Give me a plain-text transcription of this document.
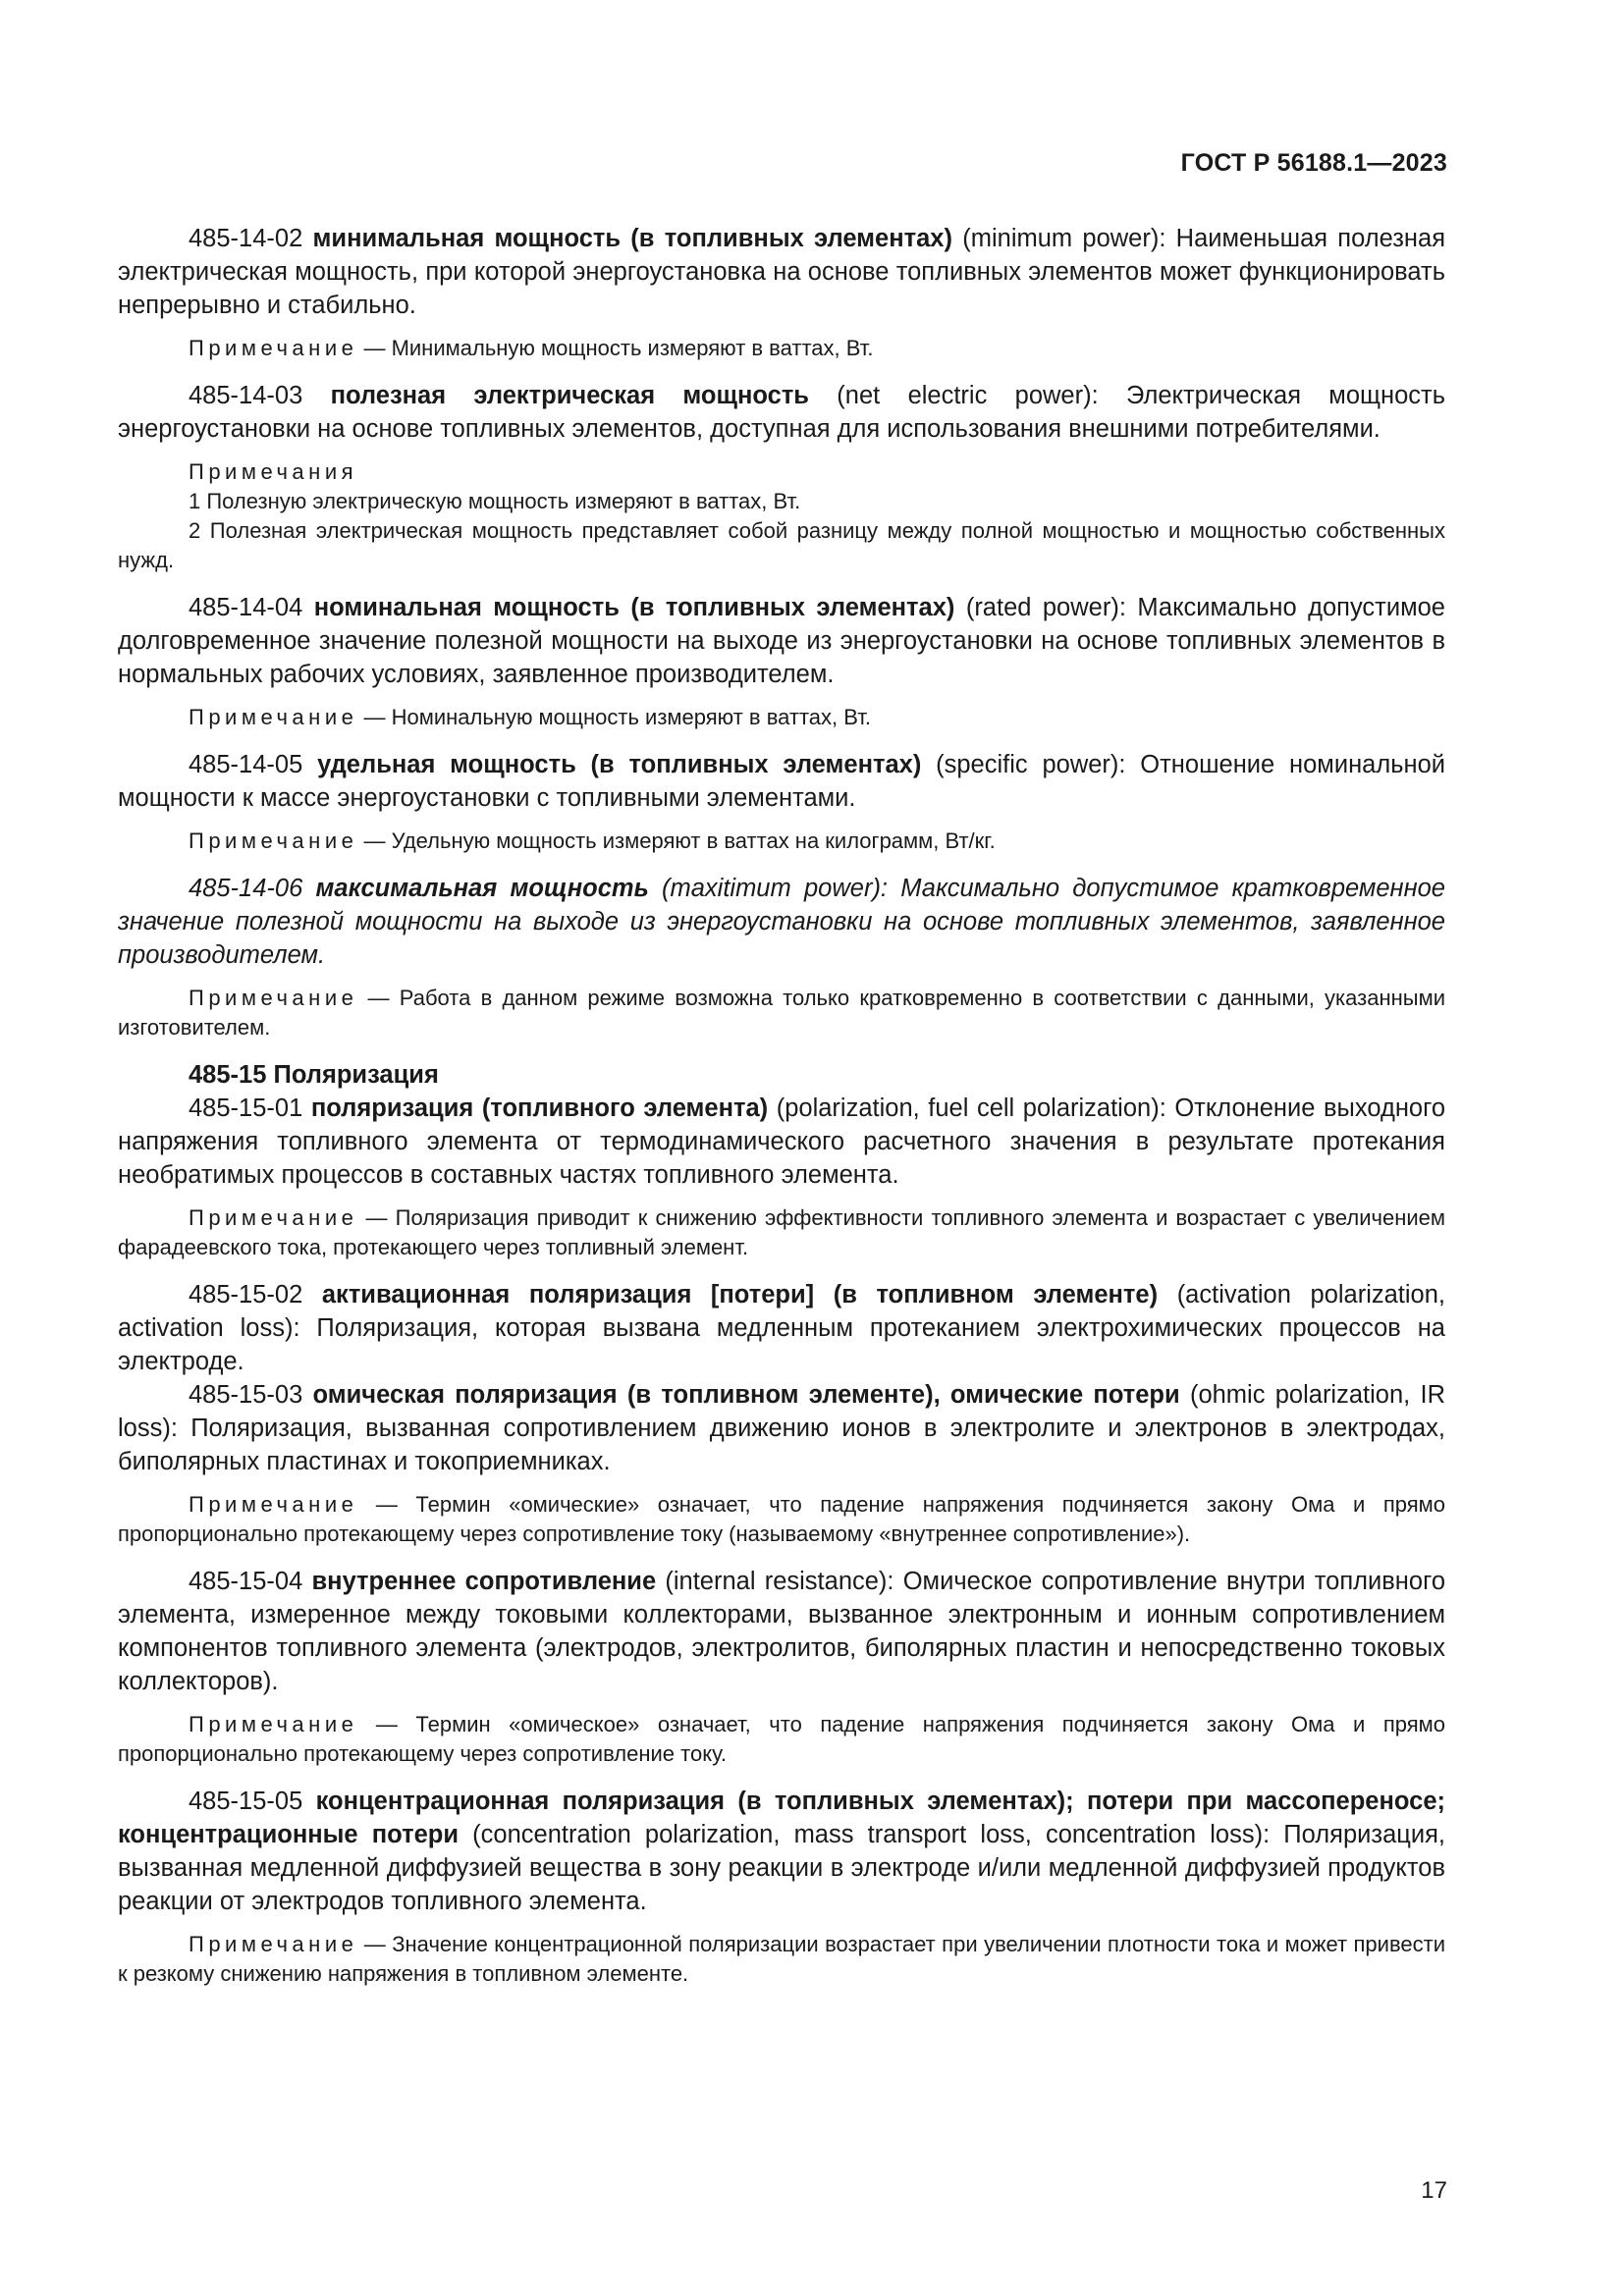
ГОСТ Р 56188.1—2023

485-14-02 минимальная мощность (в топливных элементах) (minimum power): Наименьшая полезная электрическая мощность, при которой энергоустановка на основе топливных элементов может функционировать непрерывно и стабильно.

Примечание — Минимальную мощность измеряют в ваттах, Вт.

485-14-03 полезная электрическая мощность (net electric power): Электрическая мощность энергоустановки на основе топливных элементов, доступная для использования внешними потребителями.

Примечания

1 Полезную электрическую мощность измеряют в ваттах, Вт.

2 Полезная электрическая мощность представляет собой разницу между полной мощностью и мощностью собственных нужд.

485-14-04 номинальная мощность (в топливных элементах) (rated power): Максимально допустимое долговременное значение полезной мощности на выходе из энергоустановки на основе топливных элементов в нормальных рабочих условиях, заявленное производителем.

Примечание — Номинальную мощность измеряют в ваттах, Вт.

485-14-05 удельная мощность (в топливных элементах) (specific power): Отношение номинальной мощности к массе энергоустановки с топливными элементами.

Примечание — Удельную мощность измеряют в ваттах на килограмм, Вт/кг.

485-14-06 максимальная мощность (maxitimum power): Максимально допустимое кратковременное значение полезной мощности на выходе из энергоустановки на основе топливных элементов, заявленное производителем.

Примечание — Работа в данном режиме возможна только кратковременно в соответствии с данными, указанными изготовителем.

485-15 Поляризация

485-15-01 поляризация (топливного элемента) (polarization, fuel cell polarization): Отклонение выходного напряжения топливного элемента от термодинамического расчетного значения в результате протекания необратимых процессов в составных частях топливного элемента.

Примечание — Поляризация приводит к снижению эффективности топливного элемента и возрастает с увеличением фарадеевского тока, протекающего через топливный элемент.

485-15-02 активационная поляризация [потери] (в топливном элементе) (activation polarization, activation loss): Поляризация, которая вызвана медленным протеканием электрохимических процессов на электроде.

485-15-03 омическая поляризация (в топливном элементе), омические потери (ohmic polarization, IR loss): Поляризация, вызванная сопротивлением движению ионов в электролите и электронов в электродах, биполярных пластинах и токоприемниках.

Примечание — Термин «омические» означает, что падение напряжения подчиняется закону Ома и прямо пропорционально протекающему через сопротивление току (называемому «внутреннее сопротивление»).

485-15-04 внутреннее сопротивление (internal resistance): Омическое сопротивление внутри топливного элемента, измеренное между токовыми коллекторами, вызванное электронным и ионным сопротивлением компонентов топливного элемента (электродов, электролитов, биполярных пластин и непосредственно токовых коллекторов).

Примечание — Термин «омическое» означает, что падение напряжения подчиняется закону Ома и прямо пропорционально протекающему через сопротивление току.

485-15-05 концентрационная поляризация (в топливных элементах); потери при массопереносе; концентрационные потери (concentration polarization, mass transport loss, concentration loss): Поляризация, вызванная медленной диффузией вещества в зону реакции в электроде и/или медленной диффузией продуктов реакции от электродов топливного элемента.

Примечание — Значение концентрационной поляризации возрастает при увеличении плотности тока и может привести к резкому снижению напряжения в топливном элементе.

17
